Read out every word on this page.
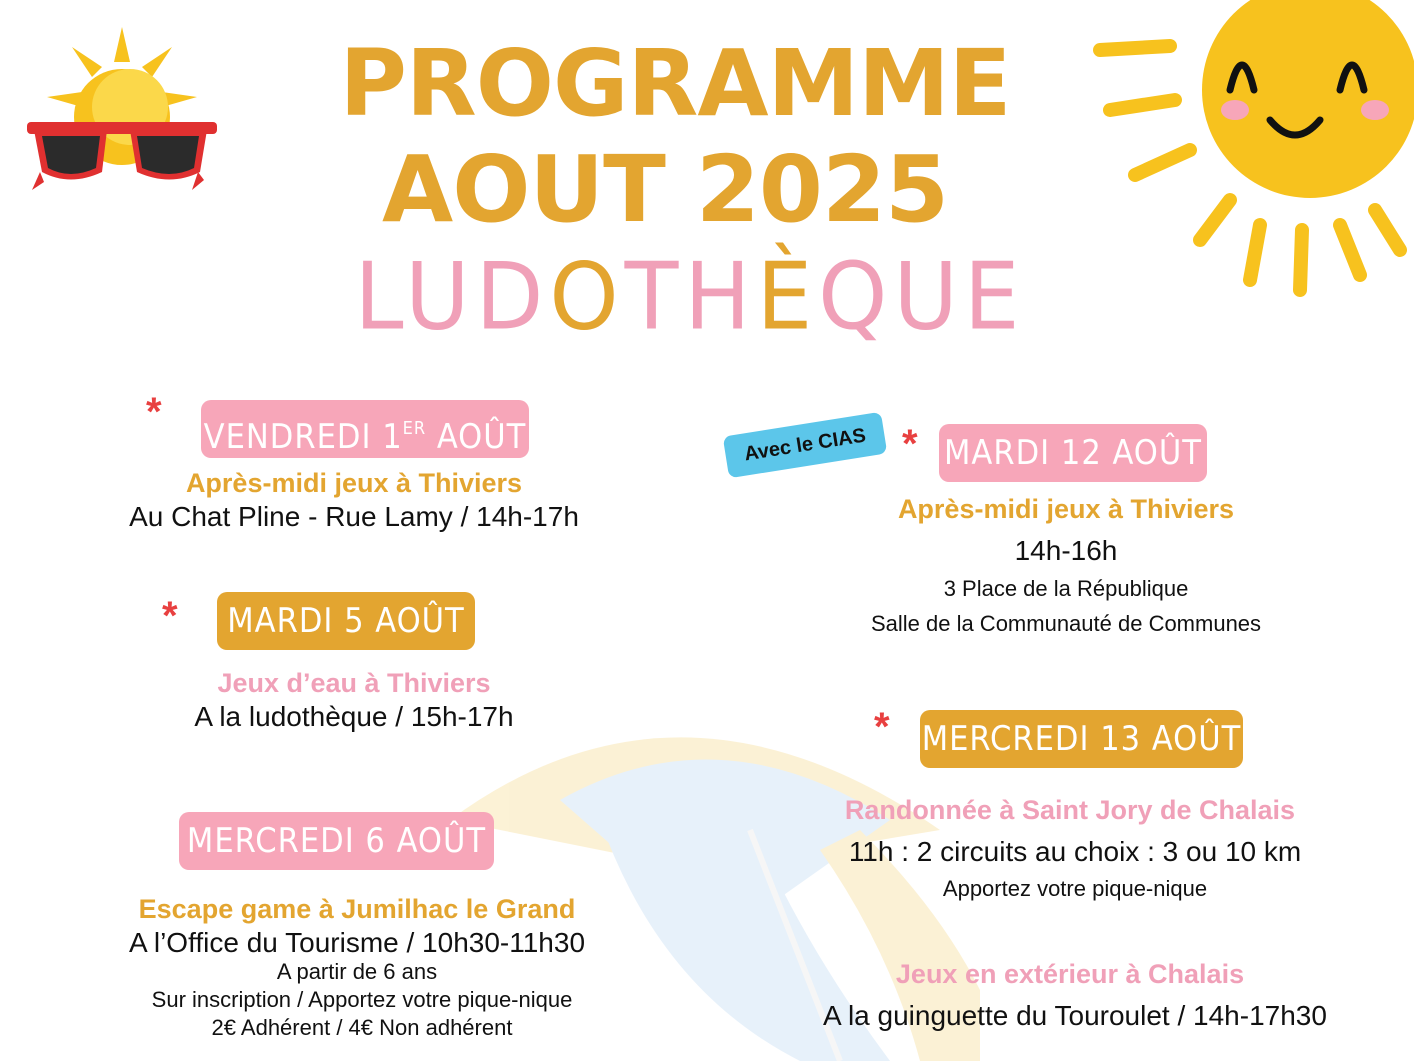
PROGRAMME
AOUT 2025
LUDOTHÈQUE
*
VENDREDI 1ER AOÛT
Après-midi jeux à Thiviers
Au Chat Pline - Rue Lamy / 14h-17h
*	MARDI 5 AOÛT
Jeux d’eau à Thiviers
A la ludothèque / 15h-17h
MERCREDI 6 AOÛT
Escape game à Jumilhac le Grand
A l’Office du Tourisme / 10h30-11h30
A partir de 6 ans
Sur inscription / Apportez votre pique-nique
2€ Adhérent / 4€ Non adhérent
Avec le CIAS * MARDI 12 AOÛT
Après-midi jeux à Thiviers
14h-16h
3 Place de la République
Salle de la Communauté de Communes
* MERCREDI 13 AOÛT
Randonnée à Saint Jory de Chalais
11h : 2 circuits au choix : 3 ou 10 km
Apportez votre pique-nique
Jeux en extérieur à Chalais
A la guinguette du Touroulet / 14h-17h30
